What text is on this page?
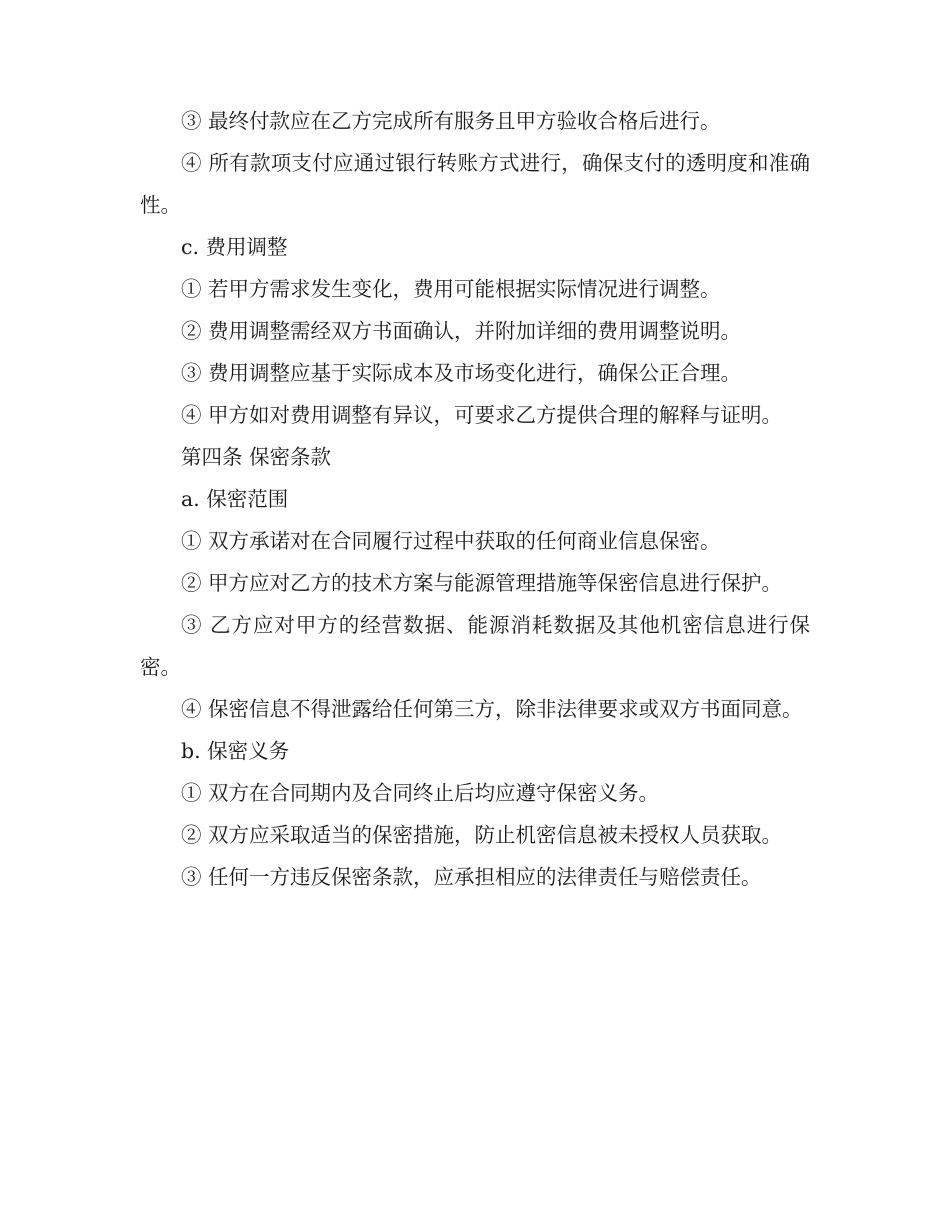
③ 最终付款应在乙方完成所有服务且甲方验收合格后进行。

④ 所有款项支付应通过银行转账方式进行，确保支付的透明度和准确性。

c. 费用调整

① 若甲方需求发生变化，费用可能根据实际情况进行调整。

② 费用调整需经双方书面确认，并附加详细的费用调整说明。

③ 费用调整应基于实际成本及市场变化进行，确保公正合理。

④ 甲方如对费用调整有异议，可要求乙方提供合理的解释与证明。

第四条 保密条款

a. 保密范围

① 双方承诺对在合同履行过程中获取的任何商业信息保密。

② 甲方应对乙方的技术方案与能源管理措施等保密信息进行保护。

③ 乙方应对甲方的经营数据、能源消耗数据及其他机密信息进行保密。

④ 保密信息不得泄露给任何第三方，除非法律要求或双方书面同意。

b. 保密义务

① 双方在合同期内及合同终止后均应遵守保密义务。

② 双方应采取适当的保密措施，防止机密信息被未授权人员获取。

③ 任何一方违反保密条款，应承担相应的法律责任与赔偿责任。
